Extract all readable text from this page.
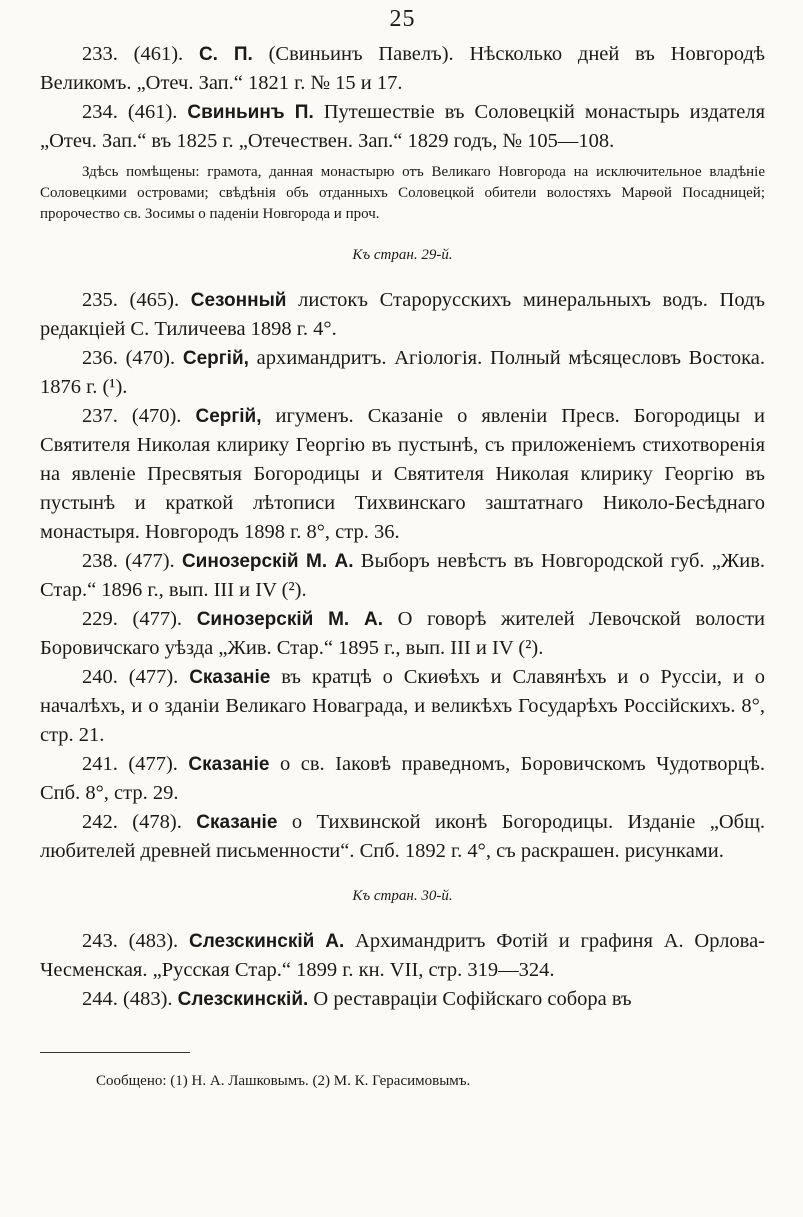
25

233. (461). С. П. (Свиньинъ Павелъ). Нѣсколько дней въ Новгородѣ Великомъ. „Отеч. Зап.“ 1821 г. № 15 и 17.

234. (461). Свиньинъ П. Путешествіе въ Соловецкій монастырь издателя „Отеч. Зап.“ въ 1825 г. „Отечествен. Зап.“ 1829 годъ, № 105—108.

Здѣсь помѣщены: грамота, данная монастырю отъ Великаго Новгорода на исключительное владѣніе Соловецкими островами; свѣдѣнія объ отданныхъ Соловецкой обители волостяхъ Марѳой Посадницей; пророчество св. Зосимы о паденіи Новгорода и проч.

Къ стран. 29-й.

235. (465). Сезонный листокъ Старорусскихъ минеральныхъ водъ. Подъ редакціей С. Тиличеева 1898 г. 4°.

236. (470). Сергій, архимандритъ. Агіологія. Полный мѣсяцесловъ Востока. 1876 г. (¹).

237. (470). Сергій, игуменъ. Сказаніе о явленіи Пресв. Богородицы и Святителя Николая клирику Георгію въ пустынѣ, съ приложеніемъ стихотворенія на явленіе Пресвятыя Богородицы и Святителя Николая клирику Георгію въ пустынѣ и краткой лѣтописи Тихвинскаго заштатнаго Николо-Бесѣднаго монастыря. Новгородъ 1898 г. 8°, стр. 36.

238. (477). Синозерскій М. А. Выборъ невѣстъ въ Новгородской губ. „Жив. Стар.“ 1896 г., вып. III и IV (²).

229. (477). Синозерскій М. А. О говорѣ жителей Левочской волости Боровичскаго уѣзда „Жив. Стар.“ 1895 г., вып. III и IV (²).

240. (477). Сказаніе въ кратцѣ о Скиѳѣхъ и Славянѣхъ и о Руссіи, и о началѣхъ, и о зданіи Великаго Новаграда, и великѣхъ Государѣхъ Россійскихъ. 8°, стр. 21.

241. (477). Сказаніе о св. Іаковѣ праведномъ, Боровичскомъ Чудотворцѣ. Спб. 8°, стр. 29.

242. (478). Сказаніе о Тихвинской иконѣ Богородицы. Изданіе „Общ. любителей древней письменности“. Спб. 1892 г. 4°, съ раскрашен. рисунками.

Къ стран. 30-й.

243. (483). Слезскинскій А. Архимандритъ Фотій и графиня А. Орлова-Чесменская. „Русская Стар.“ 1899 г. кн. VII, стр. 319—324.

244. (483). Слезскинскій. О реставраціи Софійскаго собора въ

Сообщено: (1) Н. А. Лашковымъ. (2) М. К. Герасимовымъ.
